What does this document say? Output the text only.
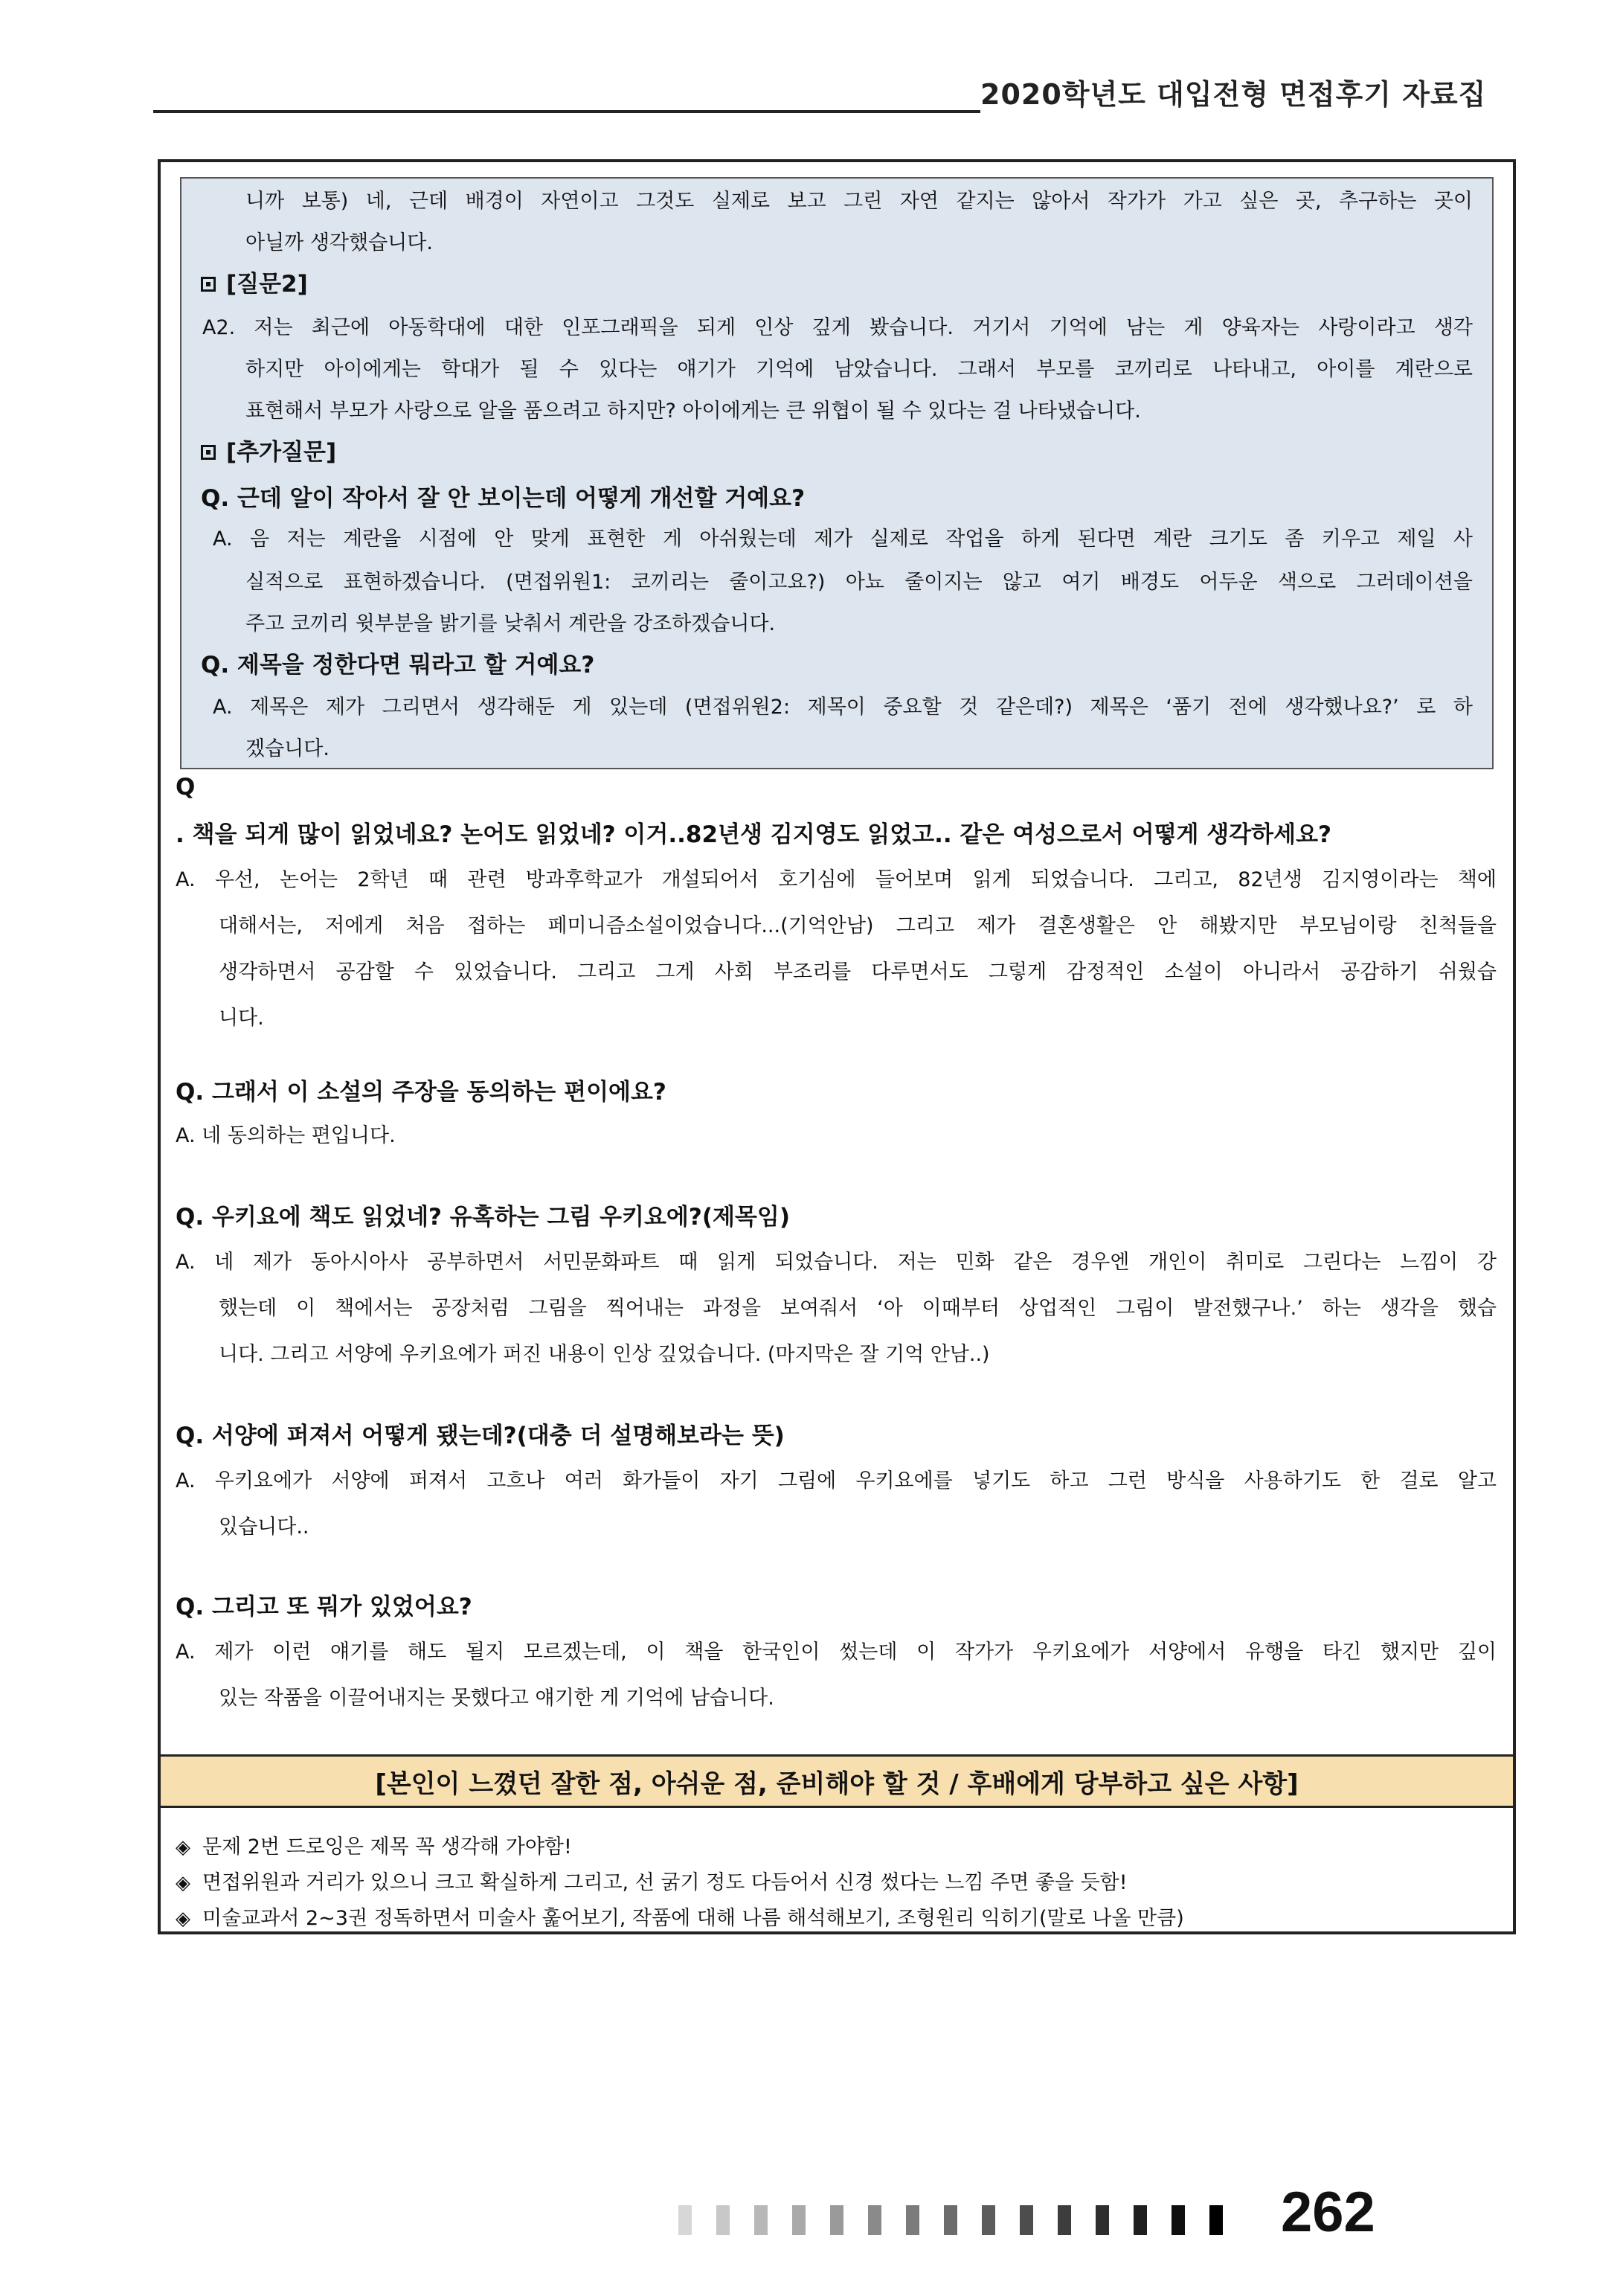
2020학년도 대입전형 면접후기 자료집
니까 보통) 네, 근데 배경이 자연이고 그것도 실제로 보고 그린 자연 같지는 않아서 작가가 가고 싶은 곳, 추구하는 곳이
아닐까 생각했습니다.
[질문2]
A2. 저는 최근에 아동학대에 대한 인포그래픽을 되게 인상 깊게 봤습니다. 거기서 기억에 남는 게 양육자는 사랑이라고 생각
하지만 아이에게는 학대가 될 수 있다는 얘기가 기억에 남았습니다. 그래서 부모를 코끼리로 나타내고, 아이를 계란으로
표현해서 부모가 사랑으로 알을 품으려고 하지만? 아이에게는 큰 위협이 될 수 있다는 걸 나타냈습니다.
[추가질문]
Q. 근데 알이 작아서 잘 안 보이는데 어떻게 개선할 거예요?
A. 음 저는 계란을 시점에 안 맞게 표현한 게 아쉬웠는데 제가 실제로 작업을 하게 된다면 계란 크기도 좀 키우고 제일 사
실적으로 표현하겠습니다. (면접위원1: 코끼리는 줄이고요?) 아뇨 줄이지는 않고 여기 배경도 어두운 색으로 그러데이션을
주고 코끼리 윗부분을 밝기를 낮춰서 계란을 강조하겠습니다.
Q. 제목을 정한다면 뭐라고 할 거예요?
A. 제목은 제가 그리면서 생각해둔 게 있는데 (면접위원2: 제목이 중요할 것 같은데?) 제목은 ‘품기 전에 생각했나요?’ 로 하
겠습니다.
Q
. 책을 되게 많이 읽었네요? 논어도 읽었네? 이거..82년생 김지영도 읽었고.. 같은 여성으로서 어떻게 생각하세요?
A. 우선, 논어는 2학년 때 관련 방과후학교가 개설되어서 호기심에 들어보며 읽게 되었습니다. 그리고, 82년생 김지영이라는 책에
대해서는, 저에게 처음 접하는 페미니즘소설이었습니다...(기억안남) 그리고 제가 결혼생활은 안 해봤지만 부모님이랑 친척들을
생각하면서 공감할 수 있었습니다. 그리고 그게 사회 부조리를 다루면서도 그렇게 감정적인 소설이 아니라서 공감하기 쉬웠습
니다.
Q. 그래서 이 소설의 주장을 동의하는 편이에요?
A. 네 동의하는 편입니다.
Q. 우키요에 책도 읽었네? 유혹하는 그림 우키요에?(제목임)
A. 네 제가 동아시아사 공부하면서 서민문화파트 때 읽게 되었습니다. 저는 민화 같은 경우엔 개인이 취미로 그린다는 느낌이 강
했는데 이 책에서는 공장처럼 그림을 찍어내는 과정을 보여줘서 ‘아 이때부터 상업적인 그림이 발전했구나.’ 하는 생각을 했습
니다. 그리고 서양에 우키요에가 퍼진 내용이 인상 깊었습니다. (마지막은 잘 기억 안남..)
Q. 서양에 퍼져서 어떻게 됐는데?(대충 더 설명해보라는 뜻)
A. 우키요에가 서양에 퍼져서 고흐나 여러 화가들이 자기 그림에 우키요에를 넣기도 하고 그런 방식을 사용하기도 한 걸로 알고
있습니다..
Q. 그리고 또 뭐가 있었어요?
A. 제가 이런 얘기를 해도 될지 모르겠는데, 이 책을 한국인이 썼는데 이 작가가 우키요에가 서양에서 유행을 타긴 했지만 깊이
있는 작품을 이끌어내지는 못했다고 얘기한 게 기억에 남습니다.
[본인이 느꼈던 잘한 점, 아쉬운 점, 준비해야 할 것 / 후배에게 당부하고 싶은 사항]
◈ 문제 2번 드로잉은 제목 꼭 생각해 가야함!
◈ 면접위원과 거리가 있으니 크고 확실하게 그리고, 선 굵기 정도 다듬어서 신경 썼다는 느낌 주면 좋을 듯함!
◈ 미술교과서 2~3권 정독하면서 미술사 훑어보기, 작품에 대해 나름 해석해보기, 조형원리 익히기(말로 나올 만큼)
262
